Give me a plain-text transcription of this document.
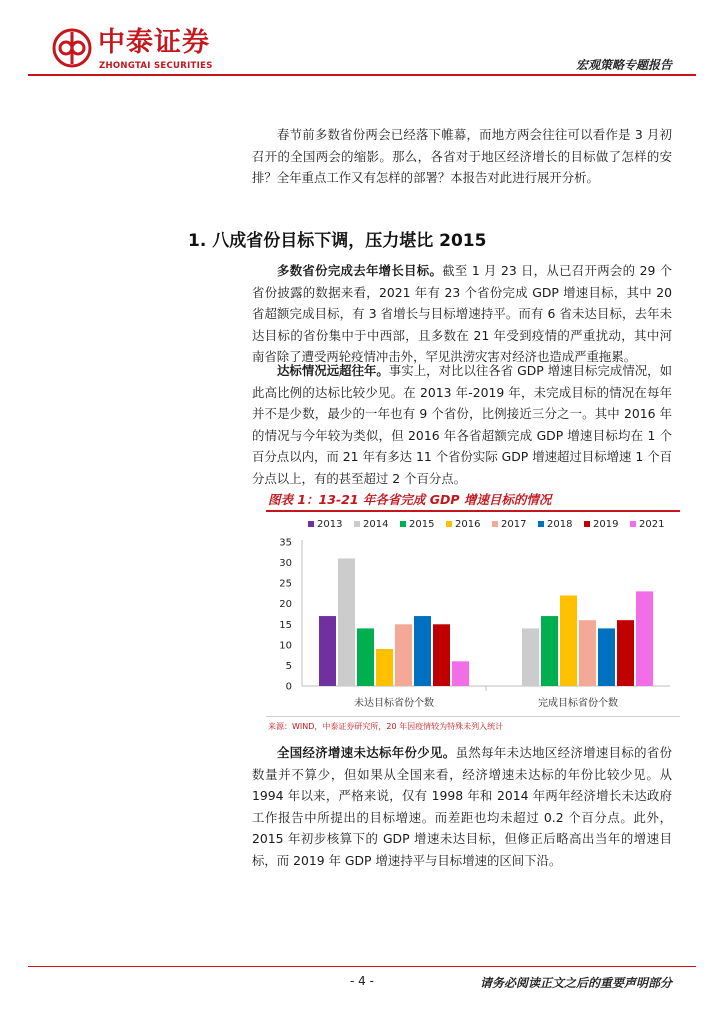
中泰证券
ZHONGTAI SECURITIES	宏观策略专题报告
春节前多数省份两会已经落下帷幕，而地方两会往往可以看作是 3 月初召开的全国两会的缩影。那么，各省对于地区经济增长的目标做了怎样的安排？全年重点工作又有怎样的部署？本报告对此进行展开分析。
1. 八成省份目标下调，压力堪比 2015
多数省份完成去年增长目标。截至 1 月 23 日，从已召开两会的 29 个省份披露的数据来看，2021 年有 23 个省份完成 GDP 增速目标，其中 20 省超额完成目标，有 3 省增长与目标增速持平。而有 6 省未达目标，去年未达目标的省份集中于中西部，且多数在 21 年受到疫情的严重扰动，其中河南省除了遭受两轮疫情冲击外，罕见洪涝灾害对经济也造成严重拖累。
达标情况远超往年。事实上，对比以往各省 GDP 增速目标完成情况，如此高比例的达标比较少见。在 2013 年-2019 年，未完成目标的情况在每年并不是少数，最少的一年也有 9 个省份，比例接近三分之一。其中 2016 年的情况与今年较为类似，但 2016 年各省超额完成 GDP 增速目标均在 1 个百分点以内，而 21 年有多达 11 个省份实际 GDP 增速超过目标增速 1 个百分点以上，有的甚至超过 2 个百分点。
图表 1：13-21 年各省完成 GDP 增速目标的情况
2013 2014 2015 2016 2017 2018 2019 2021
0
5
10
15
20
25
30
35
未达目标省份个数	完成目标省份个数
来源：WIND，中泰证券研究所，20 年因疫情较为特殊未列入统计
全国经济增速未达标年份少见。虽然每年未达地区经济增速目标的省份数量并不算少，但如果从全国来看，经济增速未达标的年份比较少见。从 1994 年以来，严格来说，仅有 1998 年和 2014 年两年经济增长未达政府工作报告中所提出的目标增速。而差距也均未超过 0.2 个百分点。此外，2015 年初步核算下的 GDP 增速未达目标，但修正后略高出当年的增速目标，而 2019 年 GDP 增速持平与目标增速的区间下沿。
- 4 -	请务必阅读正文之后的重要声明部分
